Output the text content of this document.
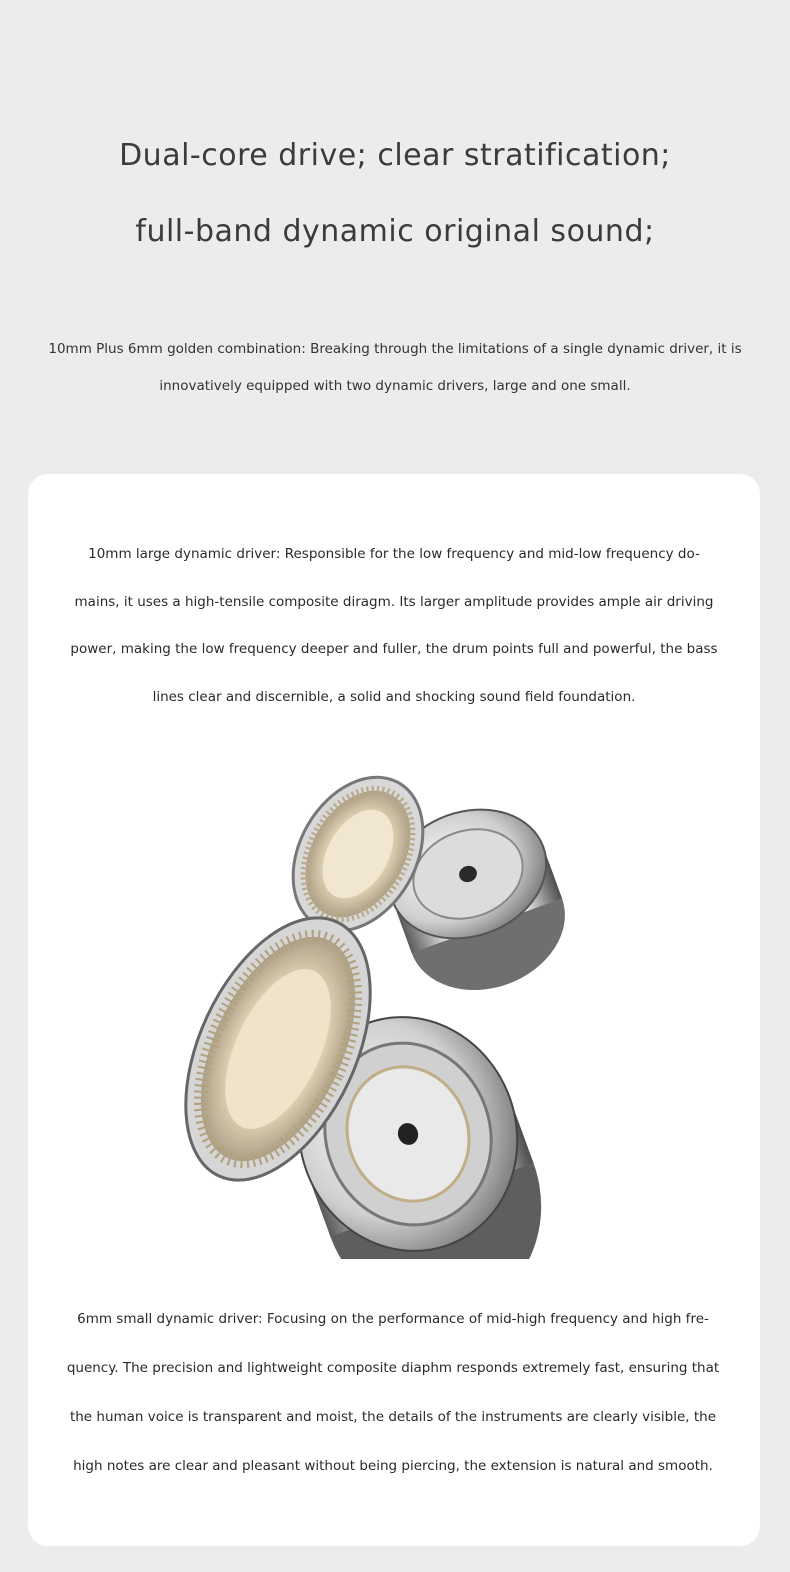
Dual-core drive; clear stratification;
full-band dynamic original sound;
10mm Plus 6mm golden combination: Breaking through the limitations of a single dynamic driver, it is innovatively equipped with two dynamic drivers, large and one small.
10mm large dynamic driver: Responsible for the low frequency and mid-low frequency do-mains, it uses a high-tensile composite diragm. Its larger amplitude provides ample air driving power, making the low frequency deeper and fuller, the drum points full and powerful, the bass lines clear and discernible, a solid and shocking sound field foundation.
6mm small dynamic driver: Focusing on the performance of mid-high frequency and high fre-quency. The precision and lightweight composite diaphm responds extremely fast, ensuring that the human voice is transparent and moist, the details of the instruments are clearly visible, the high notes are clear and pleasant without being piercing, the extension is natural and smooth.
